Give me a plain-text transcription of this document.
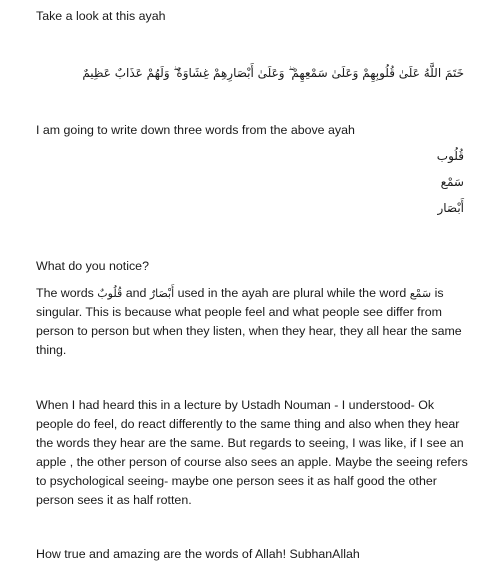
Take a look at this ayah
خَتَمَ اللَّهُ عَلَىٰ قُلُوبِهِمْ وَعَلَىٰ سَمْعِهِمْ ۖ وَعَلَىٰ أَبْصَارِهِمْ غِشَاوَةٌ ۖ وَلَهُمْ عَذَابٌ عَظِيمٌ
I am going to write down three words from the above ayah
قُلُوب
سَمْع
أَبْصَار
What do you notice?
The words قُلُوبٌ and أَبْصَارٌ used in the ayah are plural while the word سَمْع is singular. This is because what people feel and what people see differ from person to person but when they listen, when they hear, they all hear the same thing.
When I had heard this in a lecture by Ustadh Nouman - I understood- Ok people do feel, do react differently to the same thing and also when they hear the words they hear are the same. But regards to seeing, I was like, if I see an apple , the other person of course also sees an apple. Maybe the seeing refers to psychological seeing- maybe one person sees it as half good the other person sees it as half rotten.
How true and amazing are the words of Allah! SubhanAllah
